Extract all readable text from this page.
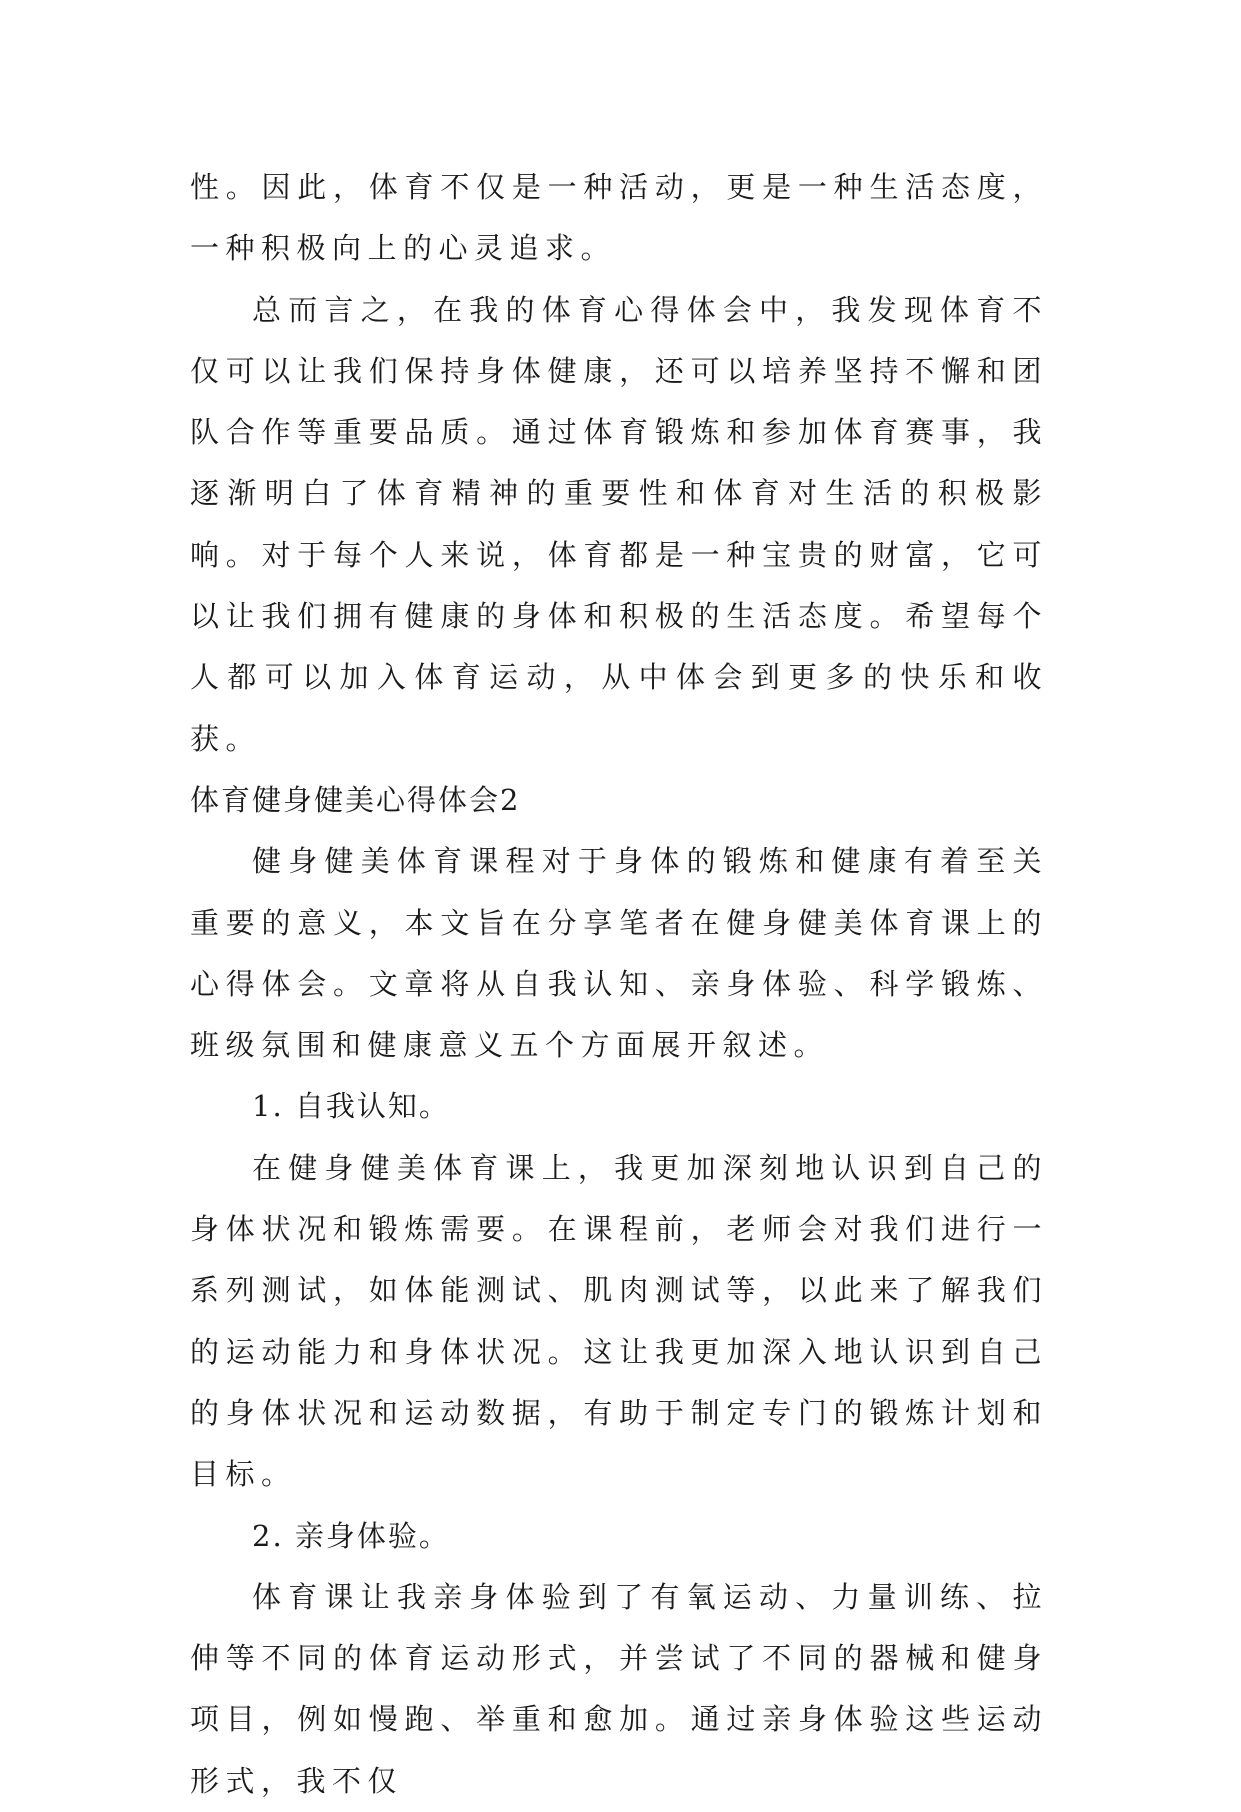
性。因此，体育不仅是一种活动，更是一种生活态度，一种积极向上的心灵追求。

总而言之，在我的体育心得体会中，我发现体育不仅可以让我们保持身体健康，还可以培养坚持不懈和团队合作等重要品质。通过体育锻炼和参加体育赛事，我逐渐明白了体育精神的重要性和体育对生活的积极影响。对于每个人来说，体育都是一种宝贵的财富，它可以让我们拥有健康的身体和积极的生活态度。希望每个人都可以加入体育运动，从中体会到更多的快乐和收获。

体育健身健美心得体会2

健身健美体育课程对于身体的锻炼和健康有着至关重要的意义，本文旨在分享笔者在健身健美体育课上的心得体会。文章将从自我认知、亲身体验、科学锻炼、班级氛围和健康意义五个方面展开叙述。

1. 自我认知。

在健身健美体育课上，我更加深刻地认识到自己的身体状况和锻炼需要。在课程前，老师会对我们进行一系列测试，如体能测试、肌肉测试等，以此来了解我们的运动能力和身体状况。这让我更加深入地认识到自己的身体状况和运动数据，有助于制定专门的锻炼计划和目标。

2. 亲身体验。

体育课让我亲身体验到了有氧运动、力量训练、拉伸等不同的体育运动形式，并尝试了不同的器械和健身项目，例如慢跑、举重和愈加。通过亲身体验这些运动形式，我不仅
